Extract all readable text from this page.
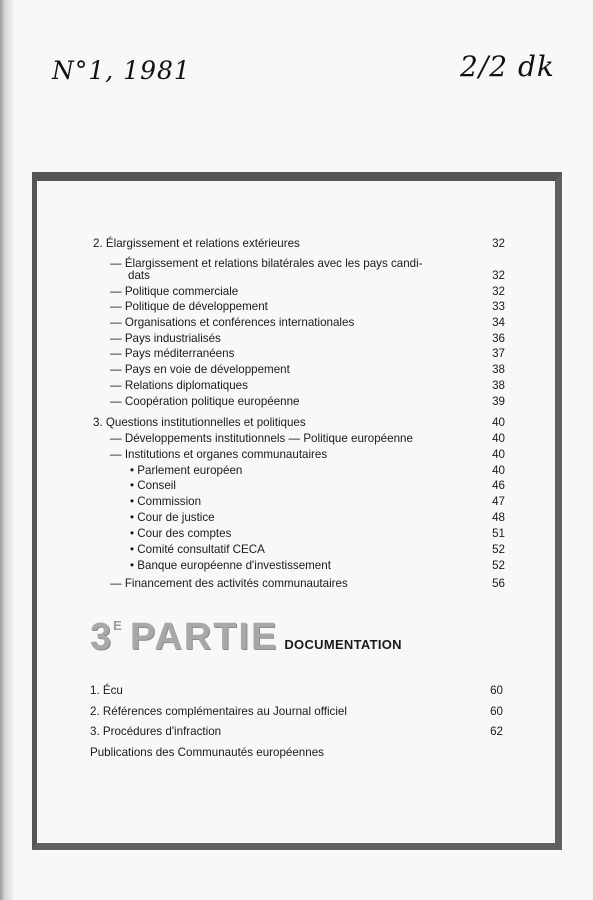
N°1, 1981	2/2 dk
2. Élargissement et relations extérieures	32
— Élargissement et relations bilatérales avec les pays candi-
dats	32
— Politique commerciale	32
— Politique de développement	33
— Organisations et conférences internationales	34
— Pays industrialisés	36
— Pays méditerranéens	37
— Pays en voie de développement	38
— Relations diplomatiques	38
— Coopération politique européenne	39
3. Questions institutionnelles et politiques	40
— Développements institutionnels — Politique européenne	40
— Institutions et organes communautaires	40
• Parlement européen	40
• Conseil	46
• Commission	47
• Cour de justice	48
• Cour des comptes	51
• Comité consultatif CECA	52
• Banque européenne d'investissement	52
— Financement des activités communautaires	56
3 E PARTIE DOCUMENTATION
1. Écu	60
2. Références complémentaires au Journal officiel	60
3. Procédures d'infraction	62
Publications des Communautés européennes
